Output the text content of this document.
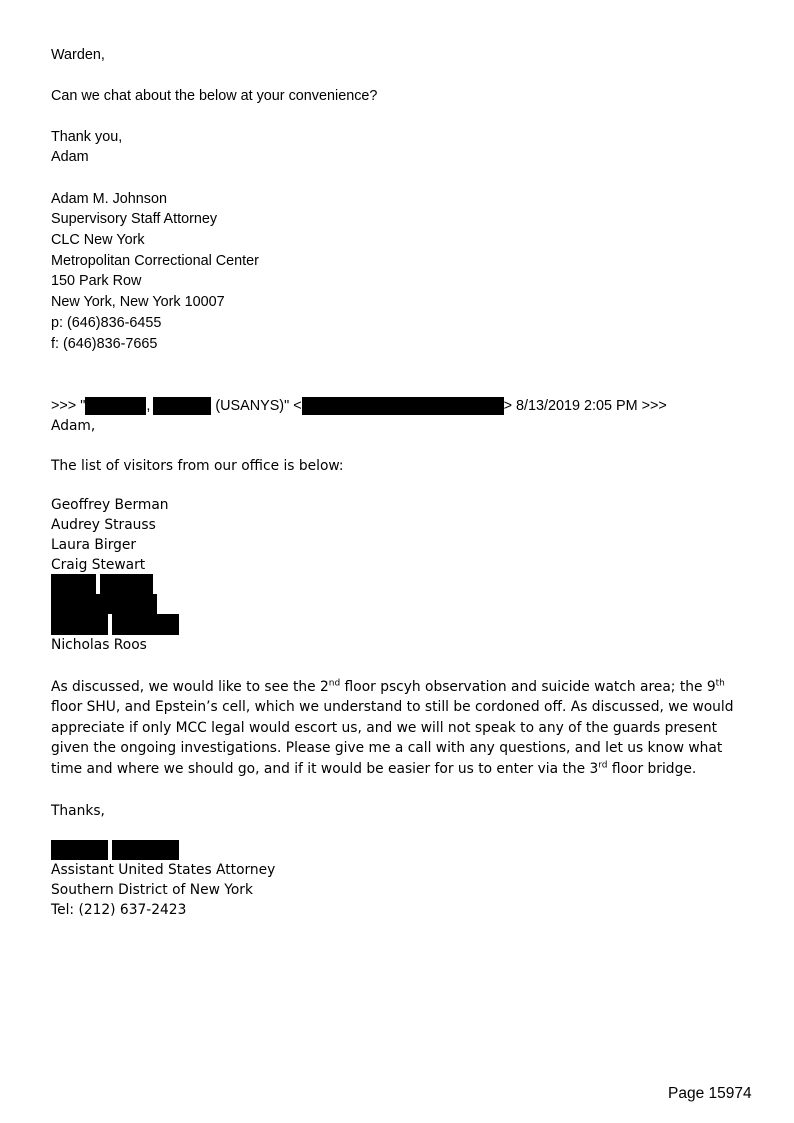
Warden,
Can we chat about the below at your convenience?
Thank you,
Adam
Adam M. Johnson
Supervisory Staff Attorney
CLC New York
Metropolitan Correctional Center
150 Park Row
New York, New York 10007
p: (646)836-6455
f: (646)836-7665
>>> "	,	(USANYS)" <	> 8/13/2019 2:05 PM >>>
Adam,
The list of visitors from our office is below:
Geoffrey Berman
Audrey Strauss
Laura Birger
Craig Stewart
Nicholas Roos
As discussed, we would like to see the 2nd floor pscyh observation and suicide watch area; the 9th floor SHU, and Epstein’s cell, which we understand to still be cordoned off. As discussed, we would appreciate if only MCC legal would escort us, and we will not speak to any of the guards present given the ongoing investigations. Please give me a call with any questions, and let us know what time and where we should go, and if it would be easier for us to enter via the 3rd floor bridge.
Thanks,
Assistant United States Attorney
Southern District of New York
Tel: (212) 637-2423
Page 15974
